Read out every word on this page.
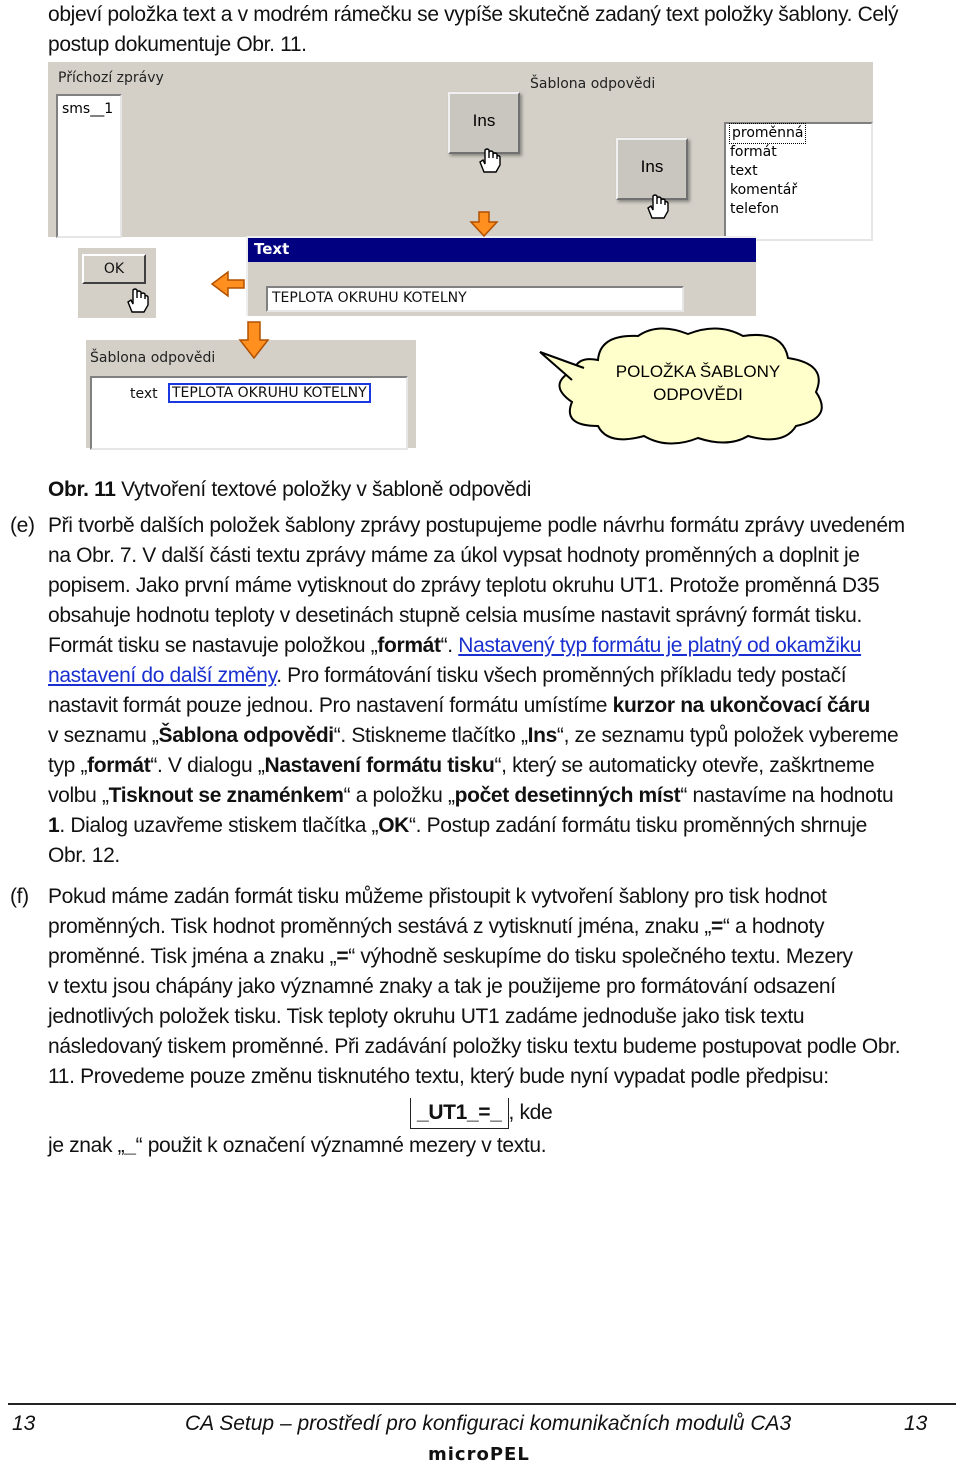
objeví položka text a v modrém rámečku se vypíše skutečně zadaný text položky šablony. Celý
postup dokumentuje Obr. 11.
Příchozí zprávy
sms__1
Šablona odpovědi
proměnná
formát
text
komentář
telefon
Ins
Ins
Text
TEPLOTA OKRUHU KOTELNY
OK
Šablona odpovědi
text TEPLOTA OKRUHU KOTELNY
POLOŽKA ŠABLONY
ODPOVĚDI
Obr. 11 Vytvoření textové položky v šabloně odpovědi
(e) Při tvorbě dalších položek šablony zprávy postupujeme podle návrhu formátu zprávy uvedeném
na Obr. 7. V další části textu zprávy máme za úkol vypsat hodnoty proměnných a doplnit je
popisem. Jako první máme vytisknout do zprávy teplotu okruhu UT1. Protože proměnná D35
obsahuje hodnotu teploty v desetinách stupně celsia musíme nastavit správný formát tisku.
Formát tisku se nastavuje položkou „formát“. Nastavený typ formátu je platný od okamžiku
nastavení do další změny. Pro formátování tisku všech proměnných příkladu tedy postačí
nastavit formát pouze jednou. Pro nastavení formátu umístíme kurzor na ukončovací čáru
v seznamu „Šablona odpovědi“. Stiskneme tlačítko „Ins“, ze seznamu typů položek vybereme
typ „formát“. V dialogu „Nastavení formátu tisku“, který se automaticky otevře, zaškrtneme
volbu „Tisknout se znaménkem“ a položku „počet desetinných míst“ nastavíme na hodnotu
1. Dialog uzavřeme stiskem tlačítka „OK“. Postup zadání formátu tisku proměnných shrnuje
Obr. 12.
(f) Pokud máme zadán formát tisku můžeme přistoupit k vytvoření šablony pro tisk hodnot
proměnných. Tisk hodnot proměnných sestává z vytisknutí jména, znaku „=“ a hodnoty
proměnné. Tisk jména a znaku „=“ výhodně seskupíme do tisku společného textu. Mezery
v textu jsou chápány jako významné znaky a tak je použijeme pro formátování odsazení
jednotlivých položek tisku. Tisk teploty okruhu UT1 zadáme jednoduše jako tisk textu
následovaný tiskem proměnné. Při zadávání položky tisku textu budeme postupovat podle Obr.
11. Provedeme pouze změnu tisknutého textu, který bude nyní vypadat podle předpisu:
_UT1_=_ , kde
je znak „_“ použit k označení významné mezery v textu.
13	CA Setup – prostředí pro konfiguraci komunikačních modulů CA3	13
microPEL
